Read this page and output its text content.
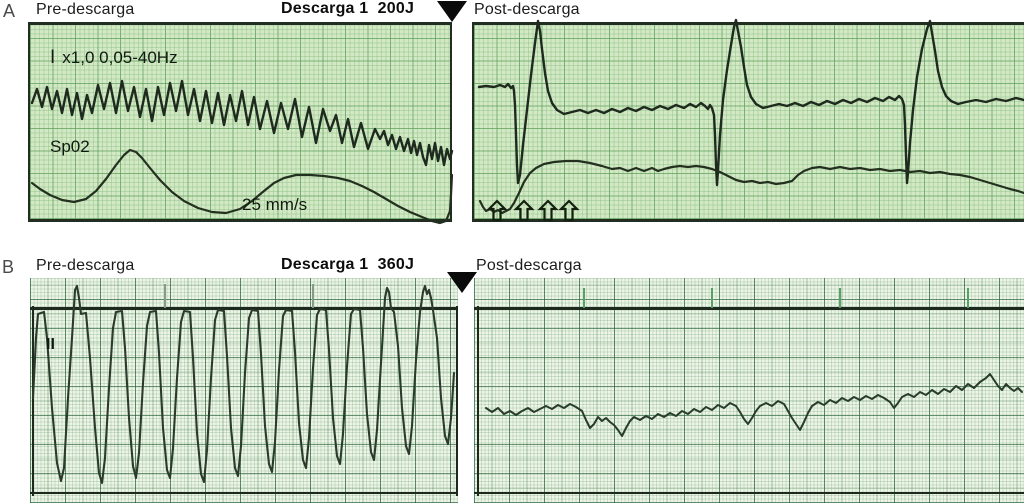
A Pre-descarga	Descarga 1  200J	Post-descarga
I x1,0 0,05-40Hz
Sp02
25 mm/s
B Pre-descarga	Descarga 1  360J	Post-descarga
II
